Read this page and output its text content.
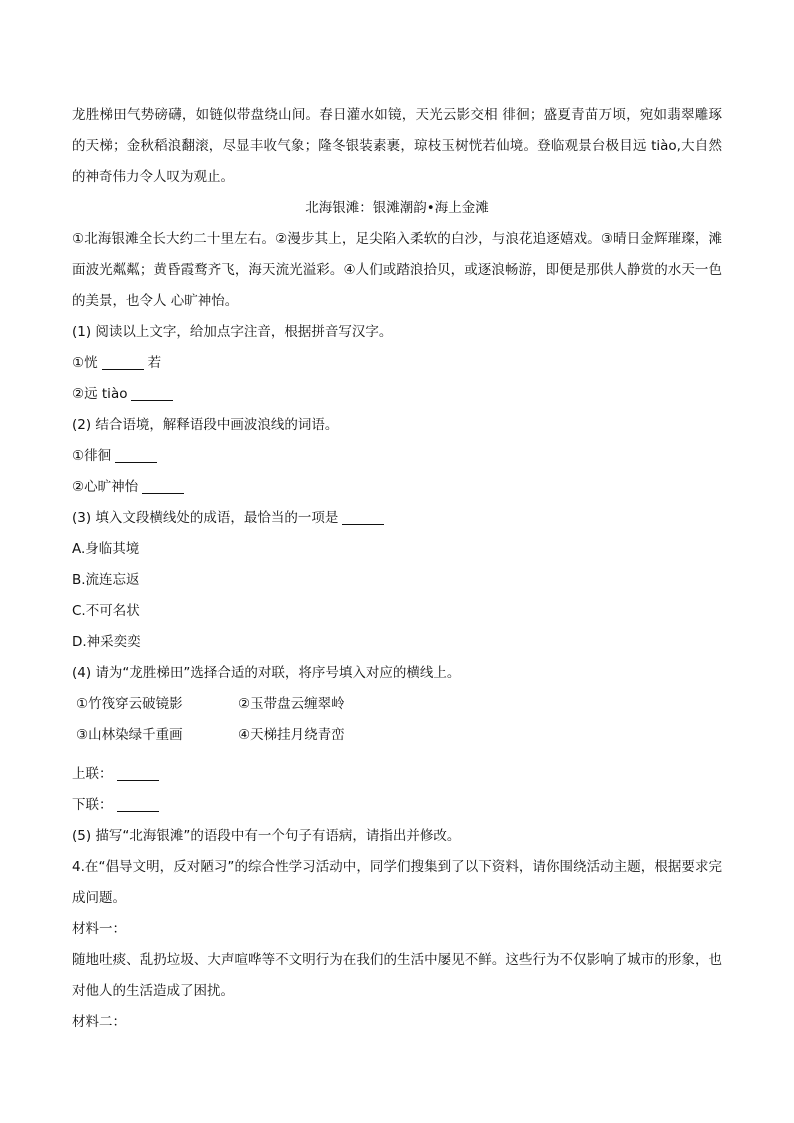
龙胜梯田气势磅礴，如链似带盘绕山间。春日灌水如镜，天光云影交相 徘徊；盛夏青苗万顷，宛如翡翠雕琢的天梯；金秋稻浪翻滚，尽显丰收气象；隆冬银装素裹，琼枝玉树恍若仙境。登临观景台极目远 tiào,大自然的神奇伟力令人叹为观止。

北海银滩：银滩潮韵•海上金滩

①北海银滩全长大约二十里左右。②漫步其上，足尖陷入柔软的白沙，与浪花追逐嬉戏。③晴日金辉璀璨，滩面波光粼粼；黄昏霞鹜齐飞，海天流光溢彩。④人们或踏浪拾贝，或逐浪畅游，即便是那供人静赏的水天一色的美景，也令人 心旷神怡。

(1) 阅读以上文字，给加点字注音，根据拼音写汉字。

①恍	若

②远 tiào

(2) 结合语境，解释语段中画波浪线的词语。

①徘徊

②心旷神怡

(3) 填入文段横线处的成语，最恰当的一项是

A.身临其境

B.流连忘返

C.不可名状

D.神采奕奕

(4) 请为“龙胜梯田”选择合适的对联，将序号填入对应的横线上。

①竹筏穿云破镜影	②玉带盘云缠翠岭
③山林染绿千重画	④天梯挂月绕青峦

上联：

下联：

(5) 描写“北海银滩”的语段中有一个句子有语病，请指出并修改。

4.在“倡导文明，反对陋习”的综合性学习活动中，同学们搜集到了以下资料，请你围绕活动主题，根据要求完成问题。

材料一：

随地吐痰、乱扔垃圾、大声喧哗等不文明行为在我们的生活中屡见不鲜。这些行为不仅影响了城市的形象，也对他人的生活造成了困扰。

材料二：
